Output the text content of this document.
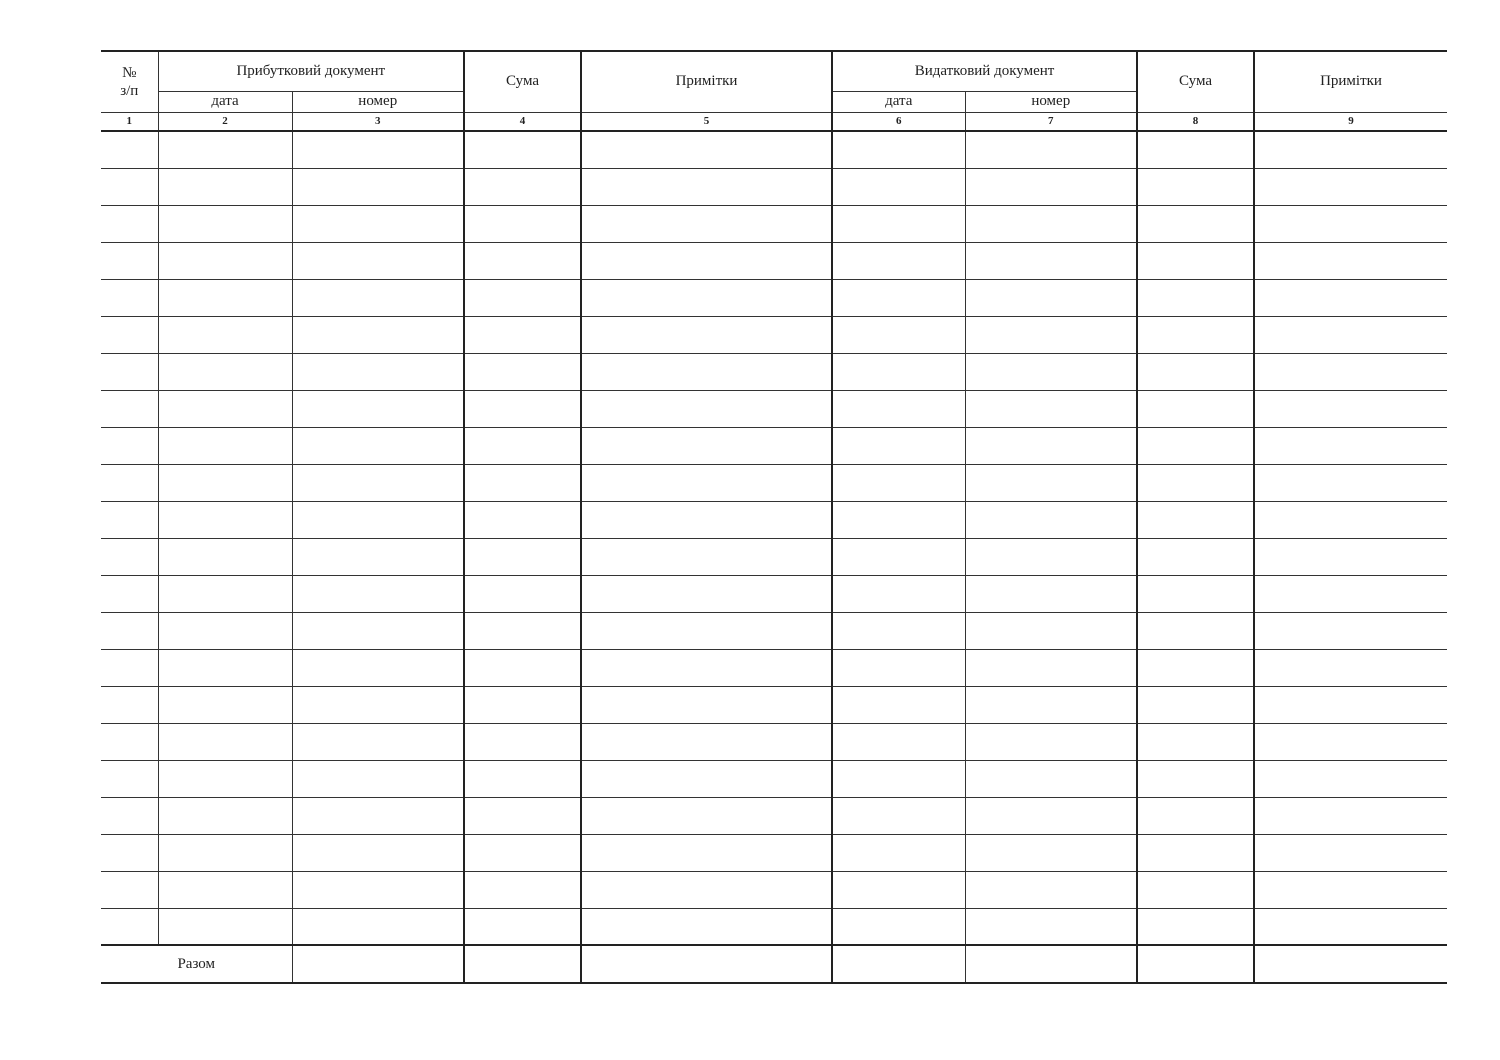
№
з/п	Прибутковий документ		Сума	Примітки	Видатковий документ		Сума	Примітки
	дата	номер			дата	номер		
1	2	3	4	5	6	7	8	9

Разом								
